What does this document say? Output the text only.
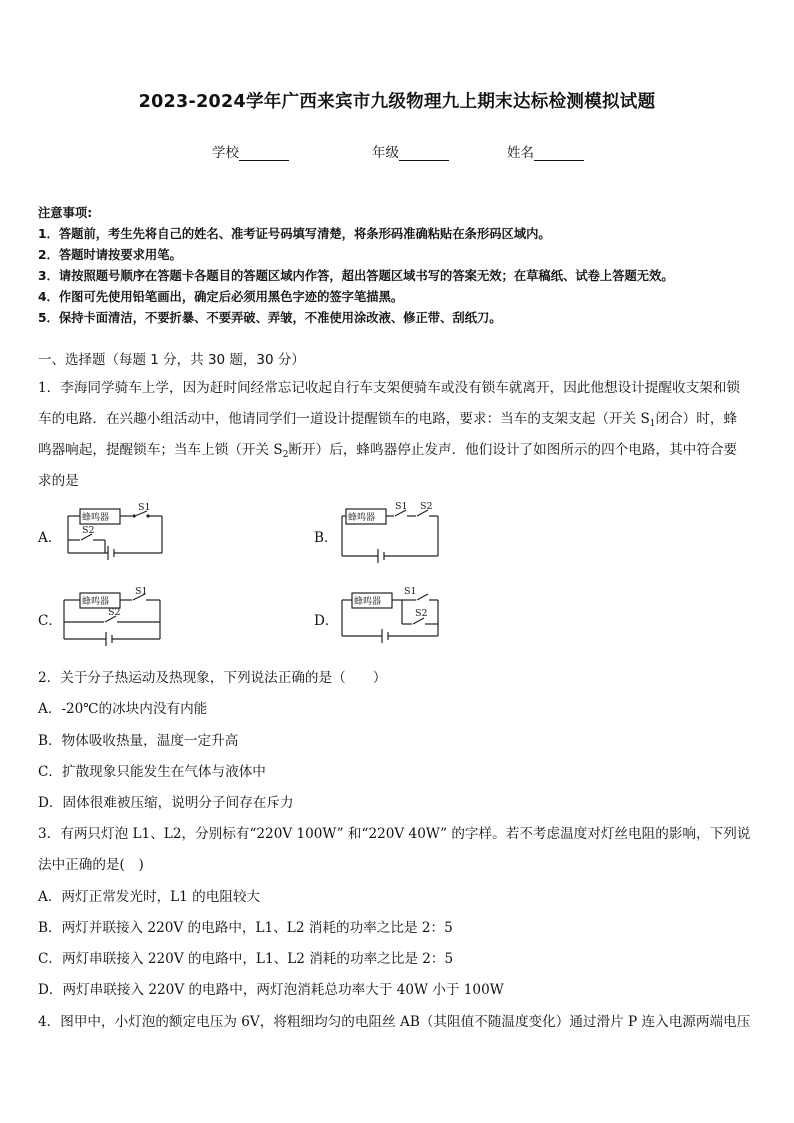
2023-2024学年广西来宾市九级物理九上期末达标检测模拟试题
学校	年级	姓名
注意事项:
1．答题前，考生先将自己的姓名、准考证号码填写清楚，将条形码准确粘贴在条形码区域内。
2．答题时请按要求用笔。
3．请按照题号顺序在答题卡各题目的答题区域内作答，超出答题区域书写的答案无效；在草稿纸、试卷上答题无效。
4．作图可先使用铅笔画出，确定后必须用黑色字迹的签字笔描黑。
5．保持卡面清洁，不要折暴、不要弄破、弄皱，不准使用涂改液、修正带、刮纸刀。
一、选择题（每题 1 分，共 30 题，30 分）
1．李海同学骑车上学，因为赶时间经常忘记收起自行车支架便骑车或没有锁车就离开，因此他想设计提醒收支架和锁
车的电路．在兴趣小组活动中，他请同学们一道设计提醒锁车的电路，要求：当车的支架支起（开关 $S_1$闭合）时，蜂
鸣器响起，提醒锁车；当车上锁（开关 $S_2$断开）后，蜂鸣器停止发声．他们设计了如图所示的四个电路，其中符合要
求的是
A．
蜂鸣器
S1
S2	B．
蜂鸣器
S1 S2
C．
蜂鸣器
S1
S2
D．
蜂鸣器
S1
S2
2．关于分子热运动及热现象，下列说法正确的是（　　）
A．-20℃的冰块内没有内能
B．物体吸收热量，温度一定升高
C．扩散现象只能发生在气体与液体中
D．固体很难被压缩，说明分子间存在斥力
3．有两只灯泡 L1、L2，分别标有“220V 100W” 和“220V 40W” 的字样。若不考虑温度对灯丝电阻的影响，下列说
法中正确的是(　)
A．两灯正常发光时，L1 的电阻较大
B．两灯并联接入 220V 的电路中，L1、L2 消耗的功率之比是 2：5
C．两灯串联接入 220V 的电路中，L1、L2 消耗的功率之比是 2：5
D．两灯串联接入 220V 的电路中，两灯泡消耗总功率大于 40W 小于 100W
4．图甲中，小灯泡的额定电压为 6V，将粗细均匀的电阻丝 AB（其阻值不随温度变化）通过滑片 P 连入电源两端电压
